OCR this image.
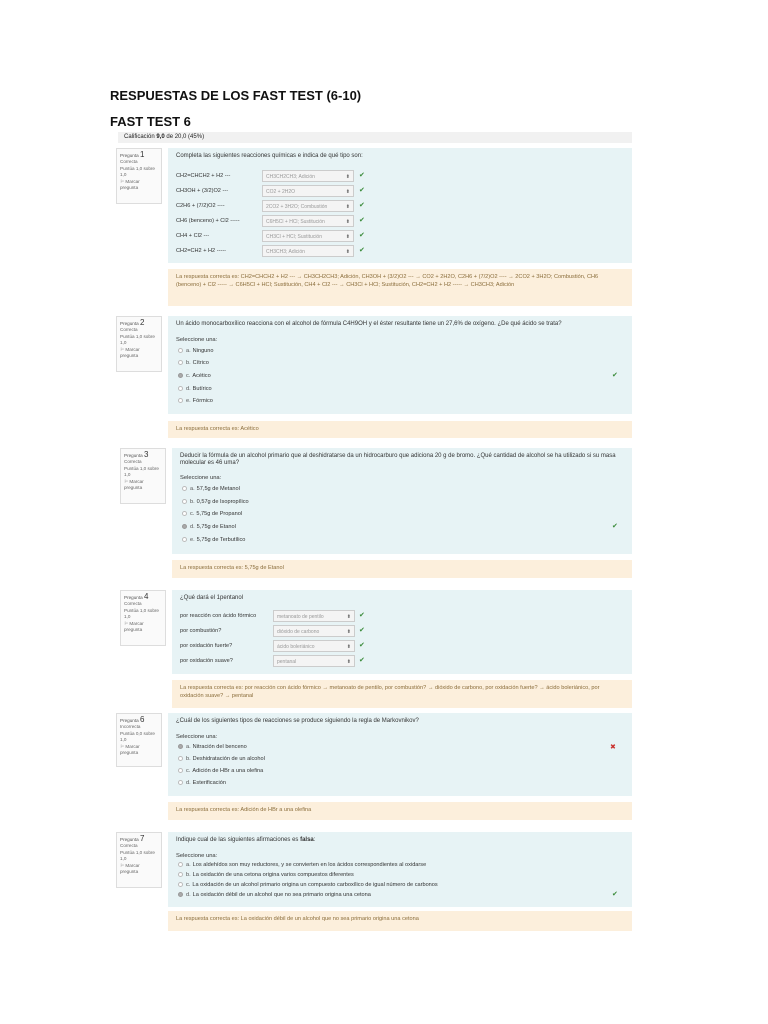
RESPUESTAS DE LOS FAST TEST (6-10)
FAST TEST 6
Calificación 9,0 de 20,0 (45%)
Pregunta 1
Correcta
Puntúa 1,0 sobre 1,0
⚐ Marcar pregunta
Completa las siguientes reacciones químicas e indica de qué tipo son:
CH2=CHCH2 + H2 ---	CH3CH2CH3; Adición	⬍ ✔
CH3OH + (3/2)O2 ---	CO2 + 2H2O	⬍ ✔
C2H6 + (7/2)O2 ----	2CO2 + 3H2O; Combustión	⬍ ✔
CH6 (benceno) + Cl2 -----	C6H5Cl + HCl; Sustitución	⬍ ✔
CH4 + Cl2 ---	CH3Cl + HCl; Sustitución	⬍ ✔
CH2=CH2 + H2 -----	CH3CH3; Adición	⬍ ✔
La respuesta correcta es: CH2=CHCH2 + H2 --- → CH3CH2CH3; Adición, CH3OH + (3/2)O2 --- → CO2 + 2H2O, C2H6 + (7/2)O2 ---- → 2CO2 + 3H2O; Combustión, CH6 (benceno) + Cl2 ----- → C6H5Cl + HCl; Sustitución, CH4 + Cl2 --- → CH3Cl + HCl; Sustitución, CH2=CH2 + H2 ----- → CH3CH3; Adición
Pregunta 2
Correcta
Puntúa 1,0 sobre 1,0
⚐ Marcar pregunta
Un ácido monocarboxílico reacciona con el alcohol de fórmula C4H9OH y el éster resultante tiene un 27,6% de oxígeno. ¿De qué ácido se trata?
Seleccione una:
a. Ninguno
b. Cítrico
c. Acético
d. Butírico
e. Fórmico
✔
La respuesta correcta es: Acético
Pregunta 3
Correcta
Puntúa 1,0 sobre 1,0
⚐ Marcar pregunta
Deducir la fórmula de un alcohol primario que al deshidratarse da un hidrocarburo que adiciona 20 g de bromo. ¿Qué cantidad de alcohol se ha utilizado si su masa molecular es 46 uma?
Seleccione una:
a. 57,5g de Metanol
b. 0,57g de Isopropílico
c. 5,75g de Propanol
d. 5,75g de Etanol
e. 5,75g de Terbutílico
✔
La respuesta correcta es: 5,75g de Etanol
Pregunta 4
Correcta
Puntúa 1,0 sobre 1,0
⚐ Marcar pregunta
¿Qué dará el 1pentanol
por reacción con ácido fórmico	metanoato de pentilo	⬍ ✔
por combustión?	dióxido de carbono	⬍ ✔
por oxidación fuerte?	ácido boleriánico	⬍ ✔
por oxidación suave?	pentanal	⬍ ✔
La respuesta correcta es: por reacción con ácido fórmico → metanoato de pentilo, por combustión? → dióxido de carbono, por oxidación fuerte? → ácido boleriánico, por oxidación suave? → pentanal
Pregunta 6
Incorrecta
Puntúa 0,0 sobre 1,0
⚐ Marcar pregunta
¿Cuál de los siguientes tipos de reacciones se produce siguiendo la regla de Markovnikov?
Seleccione una:
a. Nitración del benceno
b. Deshidratación de un alcohol
c. Adición de HBr a una olefina
d. Esterificación
✖
La respuesta correcta es: Adición de HBr a una olefina
Pregunta 7
Correcta
Puntúa 1,0 sobre 1,0
⚐ Marcar pregunta
Indique cual de las siguientes afirmaciones es falsa:
Seleccione una:
a. Los aldehídos son muy reductores, y se convierten en los ácidos correspondientes al oxidarse
b. La oxidación de una cetona origina varios compuestos diferentes
c. La oxidación de un alcohol primario origina un compuesto carboxílico de igual número de carbonos
d. La oxidación débil de un alcohol que no sea primario origina una cetona	✔
La respuesta correcta es: La oxidación débil de un alcohol que no sea primario origina una cetona
